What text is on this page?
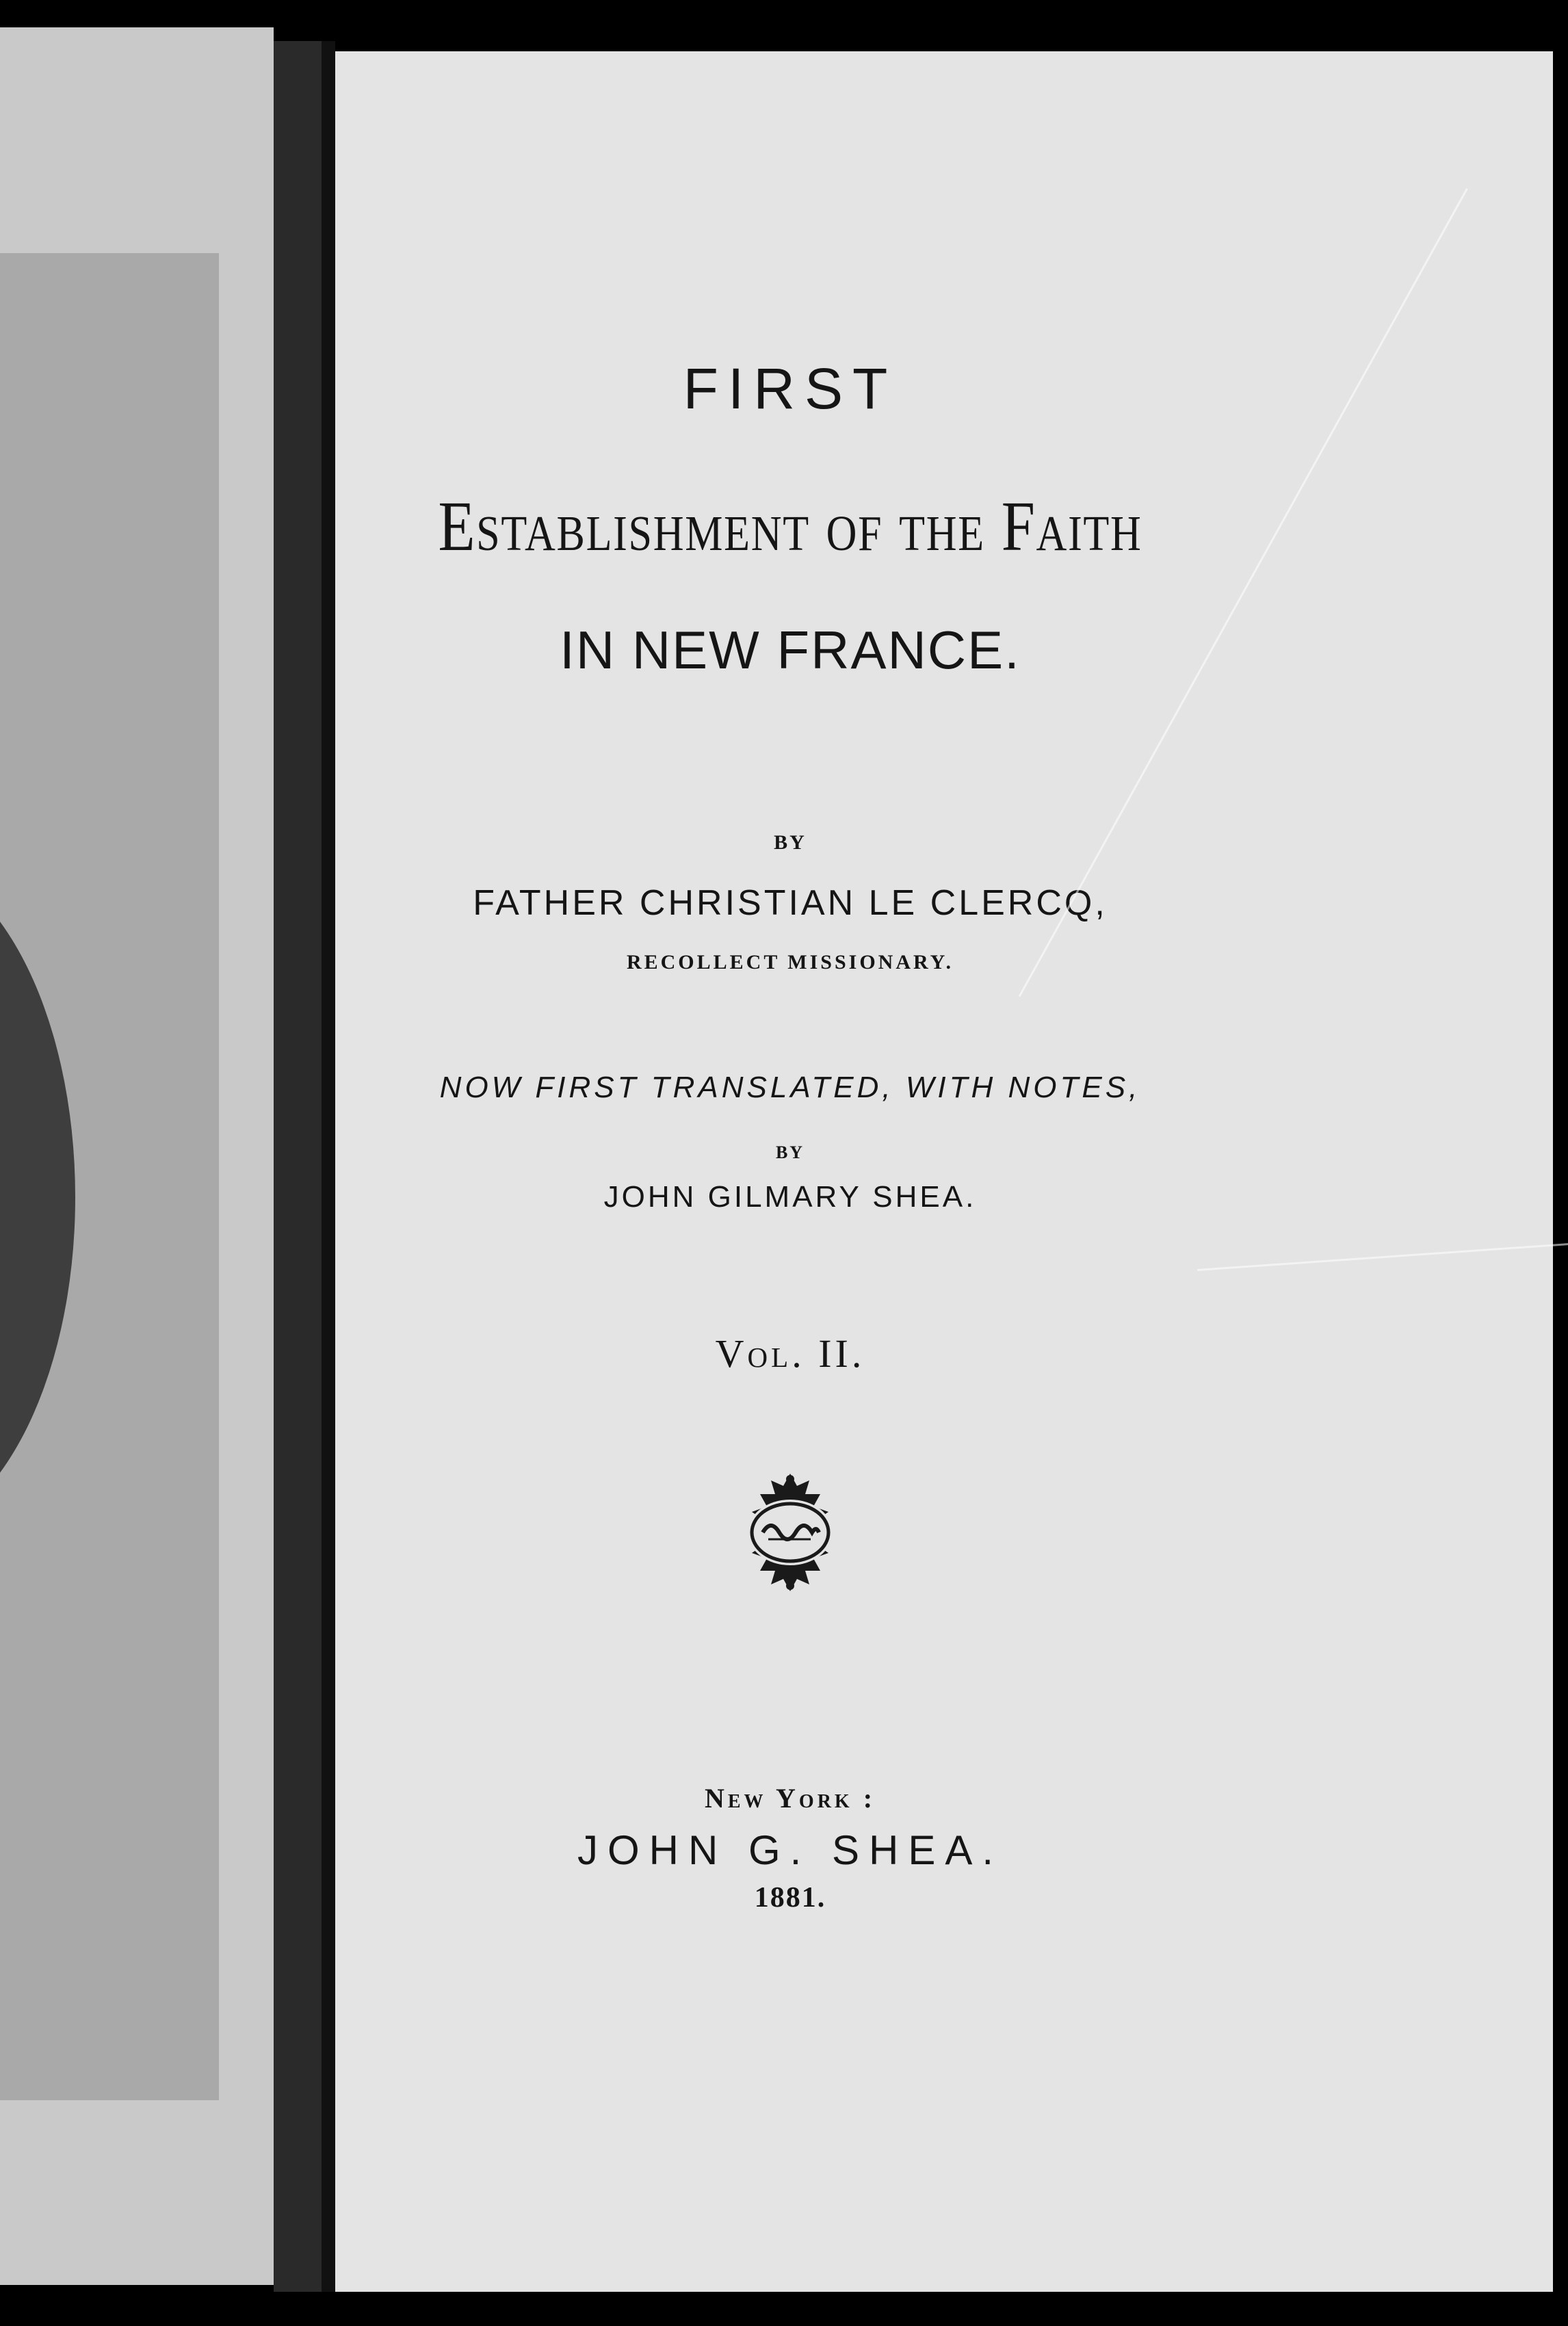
FIRST
Establishment of the Faith
IN NEW FRANCE.
BY
FATHER CHRISTIAN LE CLERCQ,
RECOLLECT MISSIONARY.
NOW FIRST TRANSLATED, WITH NOTES,
BY
JOHN GILMARY SHEA.
Vol. II.
New York :
JOHN G. SHEA.
1881.
